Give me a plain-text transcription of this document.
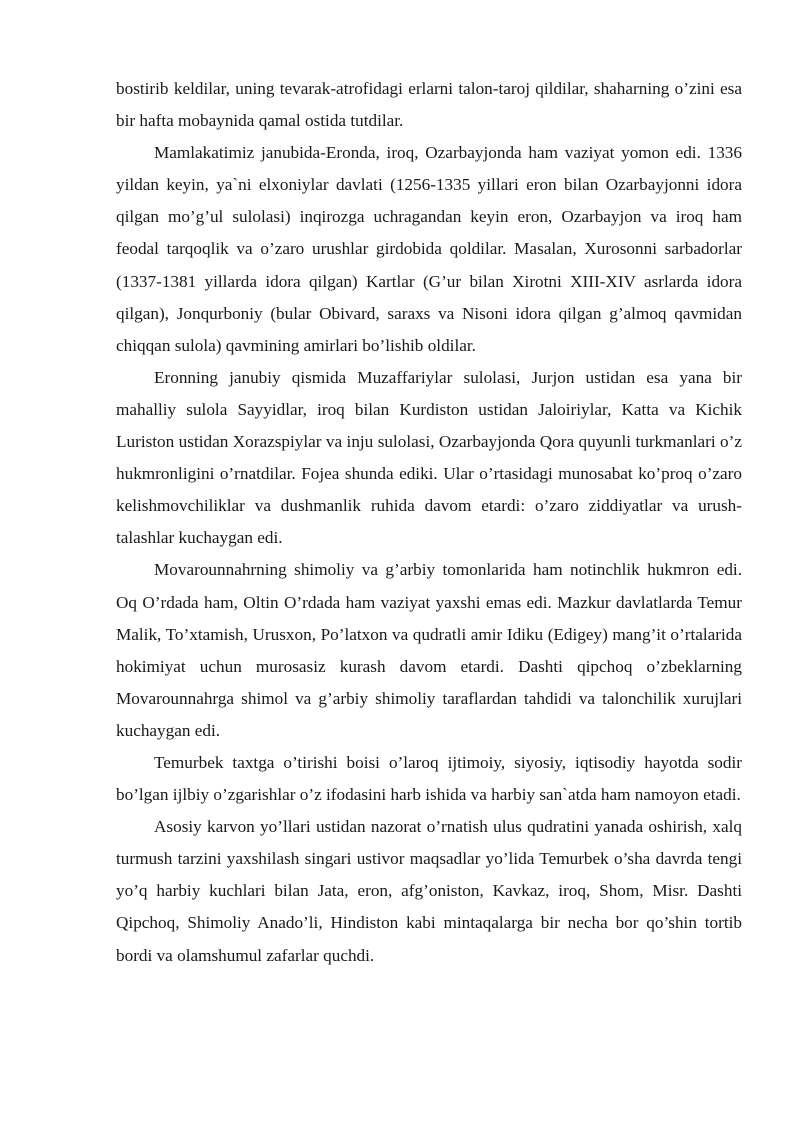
bostirib keldilar, uning tevarak-atrofidagi erlarni talon-taroj qildilar, shaharning o’zini esa bir hafta mobaynida qamal ostida tutdilar.

Mamlakatimiz janubida-Eronda, iroq, Ozarbayjonda ham vaziyat yomon edi. 1336 yildan keyin, ya`ni elxoniylar davlati (1256-1335 yillari eron bilan Ozarbayjonni idora qilgan mo’g’ul sulolasi) inqirozga uchragandan keyin eron, Ozarbayjon va iroq ham feodal tarqoqlik va o’zaro urushlar girdobida qoldilar. Masalan, Xurosonni sarbadorlar (1337-1381 yillarda idora qilgan) Kartlar (G’ur bilan Xirotni XIII-XIV asrlarda idora qilgan), Jonqurboniy (bular Obivard, saraxs va Nisoni idora qilgan g’almoq qavmidan chiqqan sulola) qavmining amirlari bo’lishib oldilar.

Eronning janubiy qismida Muzaffariylar sulolasi, Jurjon ustidan esa yana bir mahalliy sulola Sayyidlar, iroq bilan Kurdiston ustidan Jaloiriylar, Katta va Kichik Luriston ustidan Xorazspiylar va inju sulolasi, Ozarbayjonda Qora quyunli turkmanlari o’z hukmronligini o’rnatdilar. Fojea shunda ediki. Ular o’rtasidagi munosabat ko’proq o’zaro kelishmovchiliklar va dushmanlik ruhida davom etardi: o’zaro ziddiyatlar va urush-talashlar kuchaygan edi.

Movarounnahrning shimoliy va g’arbiy tomonlarida ham notinchlik hukmron edi. Oq O’rdada ham, Oltin O’rdada ham vaziyat yaxshi emas edi. Mazkur davlatlarda Temur Malik, To’xtamish, Urusxon, Po’latxon va qudratli amir Idiku (Edigey) mang’it o’rtalarida hokimiyat uchun murosasiz kurash davom etardi. Dashti qipchoq o’zbeklarning Movarounnahrga shimol va g’arbiy shimoliy taraflardan tahdidi va talonchilik xurujlari kuchaygan edi.

Temurbek taxtga o’tirishi boisi o’laroq ijtimoiy, siyosiy, iqtisodiy hayotda sodir bo’lgan ijlbiy o’zgarishlar o’z ifodasini harb ishida va harbiy san`atda ham namoyon etadi.

Asosiy karvon yo’llari ustidan nazorat o’rnatish ulus qudratini yanada oshirish, xalq turmush tarzini yaxshilash singari ustivor maqsadlar yo’lida Temurbek o’sha davrda tengi yo’q harbiy kuchlari bilan Jata, eron, afg’oniston, Kavkaz, iroq, Shom, Misr. Dashti Qipchoq, Shimoliy Anado’li, Hindiston kabi mintaqalarga bir necha bor qo’shin tortib bordi va olamshumul zafarlar quchdi.
